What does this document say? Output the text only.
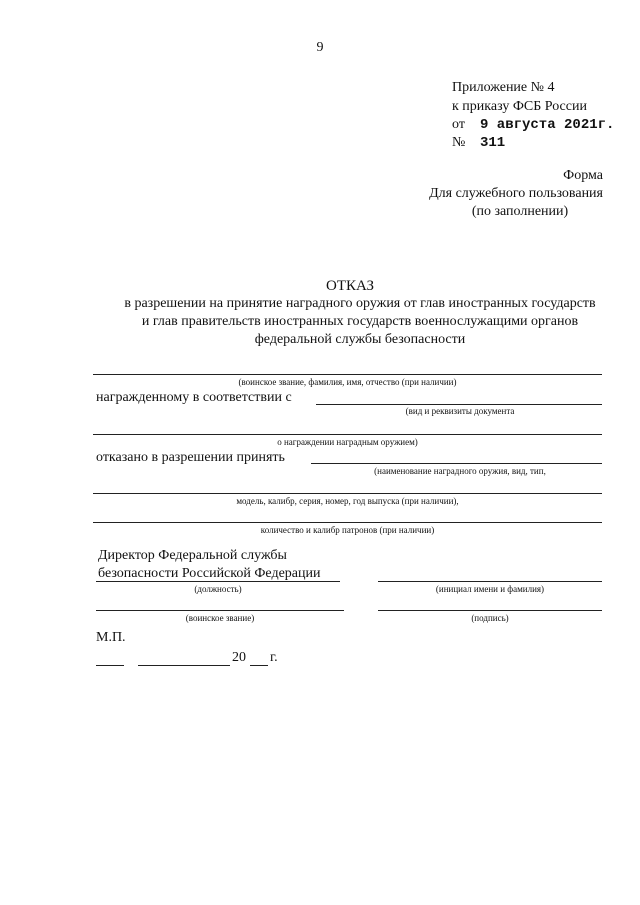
9
Приложение № 4
к приказу ФСБ России
от 9 августа 2021г.
№ 311
Форма
Для служебного пользования
(по заполнении)
ОТКАЗ
в разрешении на принятие наградного оружия от глав иностранных государств
и глав правительств иностранных государств военнослужащими органов
федеральной службы безопасности
(воинское звание, фамилия, имя, отчество (при наличии)
награжденному в соответствии с
(вид и реквизиты документа
о награждении наградным оружием)
отказано в разрешении принять
(наименование наградного оружия, вид, тип,
модель, калибр, серия, номер, год выпуска (при наличии),
количество и калибр патронов (при наличии)
Директор Федеральной службы
безопасности Российской Федерации
(должность)	(инициал имени и фамилия)
(воинское звание)	(подпись)
М.П.
20 г.
